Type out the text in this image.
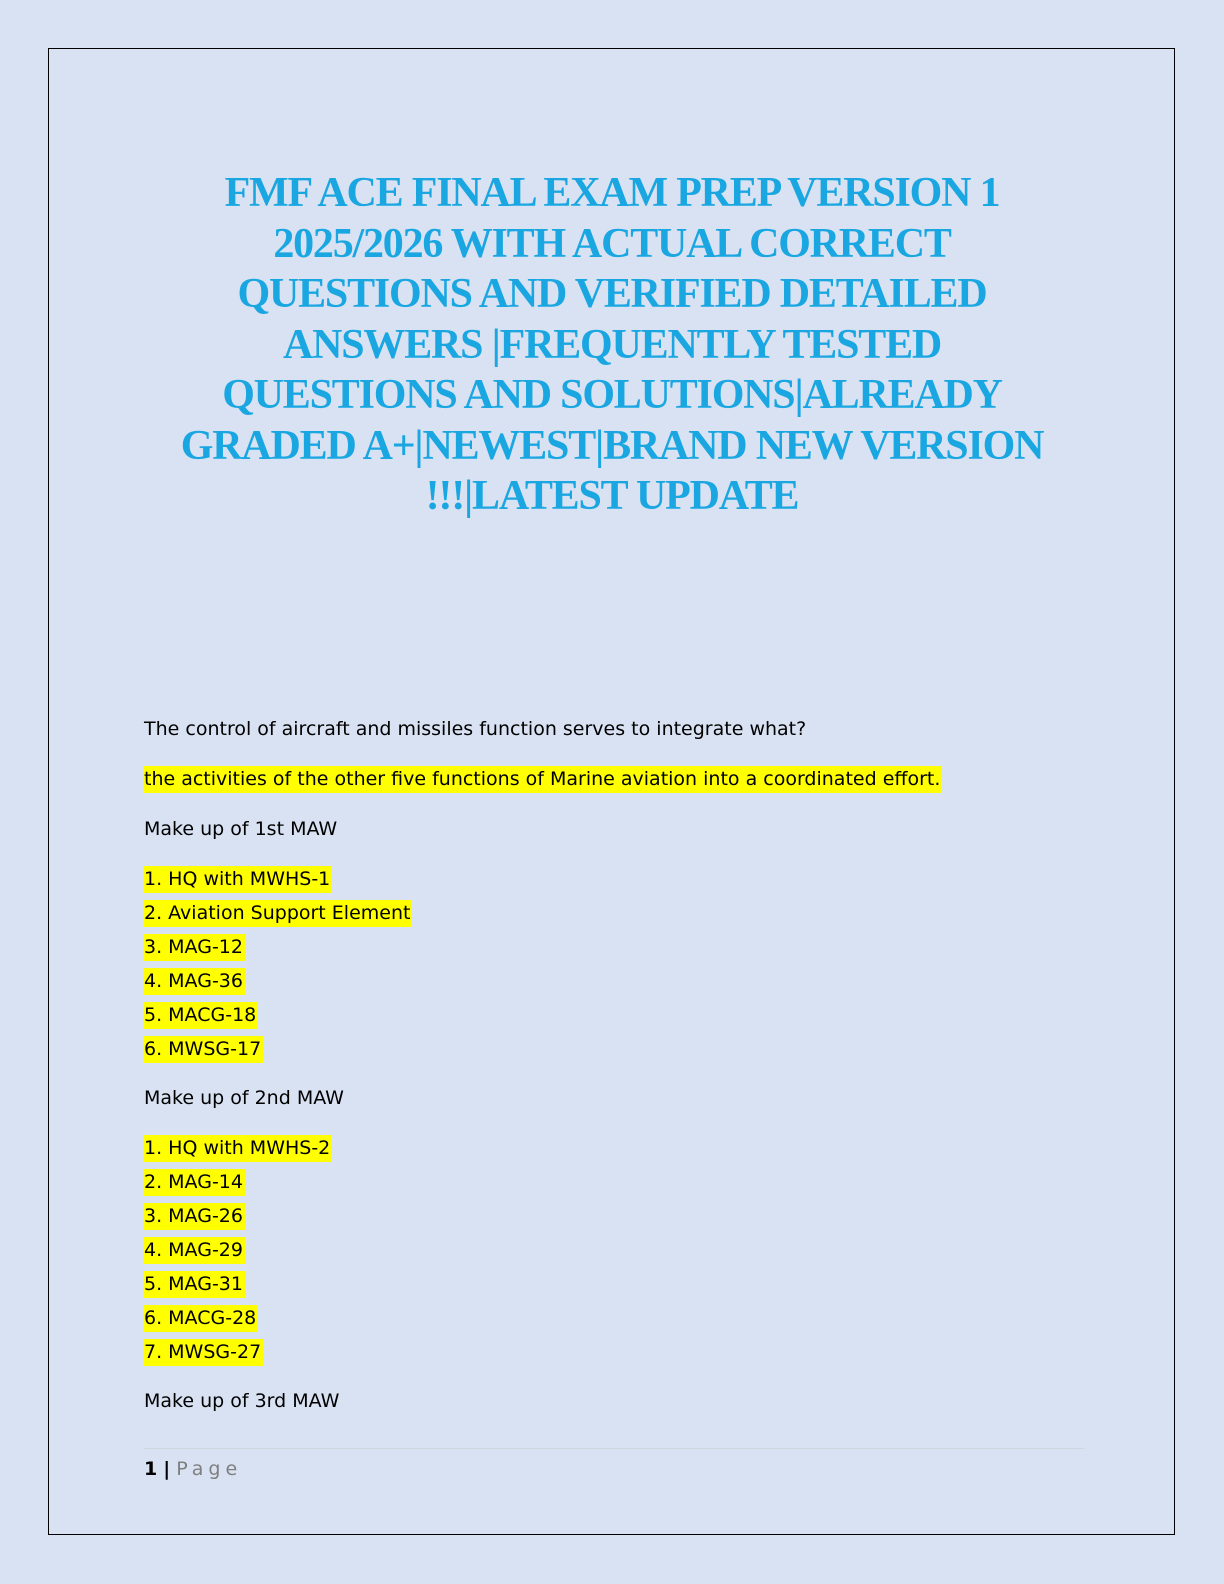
FMF ACE FINAL EXAM PREP VERSION 1
2025/2026 WITH ACTUAL CORRECT
QUESTIONS AND VERIFIED DETAILED
ANSWERS |FREQUENTLY TESTED
QUESTIONS AND SOLUTIONS|ALREADY
GRADED A+|NEWEST|BRAND NEW VERSION
!!!|LATEST UPDATE
The control of aircraft and missiles function serves to integrate what?
the activities of the other five functions of Marine aviation into a coordinated effort.
Make up of 1st MAW
1. HQ with MWHS-1
2. Aviation Support Element
3. MAG-12
4. MAG-36
5. MACG-18
6. MWSG-17
Make up of 2nd MAW
1. HQ with MWHS-2
2. MAG-14
3. MAG-26
4. MAG-29
5. MAG-31
6. MACG-28
7. MWSG-27
Make up of 3rd MAW
1 | Page
